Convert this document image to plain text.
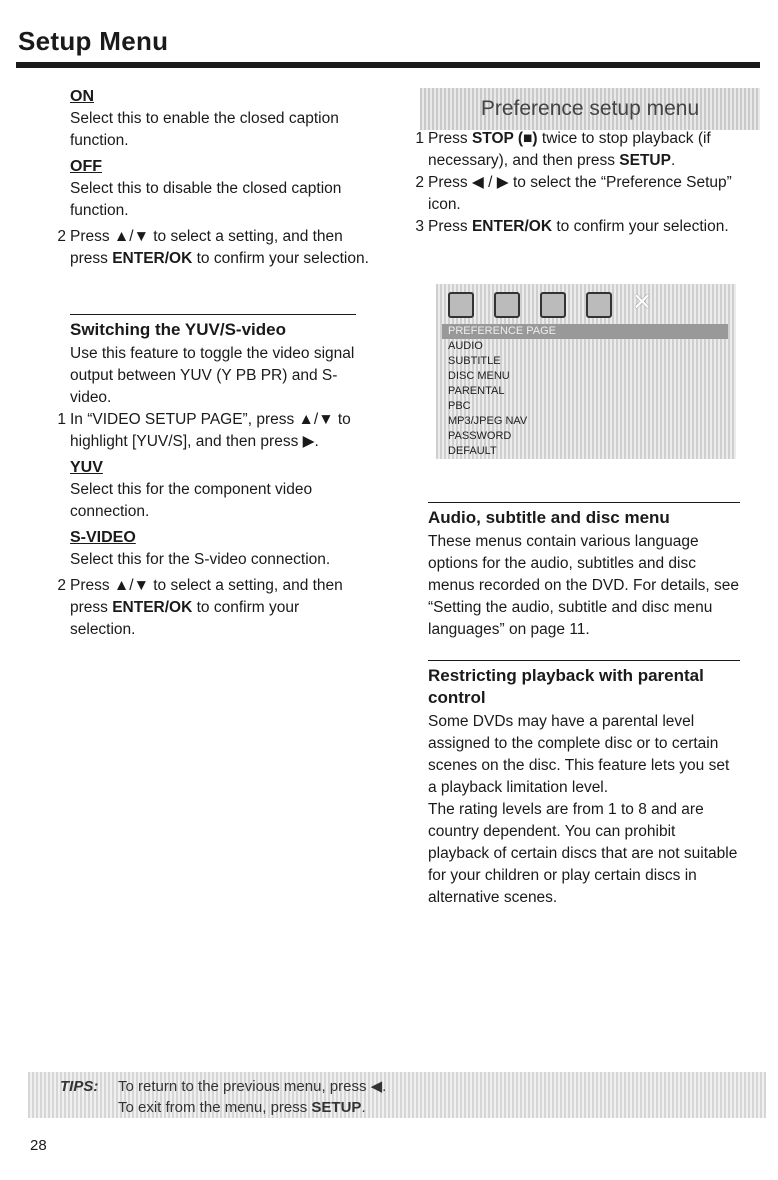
Setup Menu
ON

Select this to enable the closed caption function.

OFF

Select this to disable the closed caption function.

2 Press ▲/▼ to select a setting, and then press ENTER/OK to confirm your selection.
Switching the YUV/S-video

Use this feature to toggle the video signal output between YUV (Y PB PR) and S-video.

1 In “VIDEO SETUP PAGE”, press ▲/▼ to highlight [YUV/S], and then press ▶.
YUV

Select this for the component video connection.

S-VIDEO

Select this for the S-video connection.

2 Press ▲/▼ to select a setting, and then press ENTER/OK to confirm your selection.
Preference setup menu
1 Press STOP (■) twice to stop playback (if necessary), and then press SETUP.
2 Press ◀ / ▶ to select the “Preference Setup” icon.
3 Press ENTER/OK to confirm your selection.
✕
PREFERENCE PAGE
AUDIO
SUBTITLE
DISC MENU
PARENTAL
PBC
MP3/JPEG NAV
PASSWORD
DEFAULT
Audio, subtitle and disc menu

These menus contain various language options for the audio, subtitles and disc menus recorded on the DVD. For details, see “Setting the audio, subtitle and disc menu languages” on page 11.

Restricting playback with parental control

Some DVDs may have a parental level assigned to the complete disc or to certain scenes on the disc. This feature lets you set a playback limitation level.

The rating levels are from 1 to 8 and are country dependent. You can prohibit playback of certain discs that are not suitable for your children or play certain discs in alternative scenes.

TIPS: To return to the previous menu, press ◀.
To exit from the menu, press SETUP.
28
